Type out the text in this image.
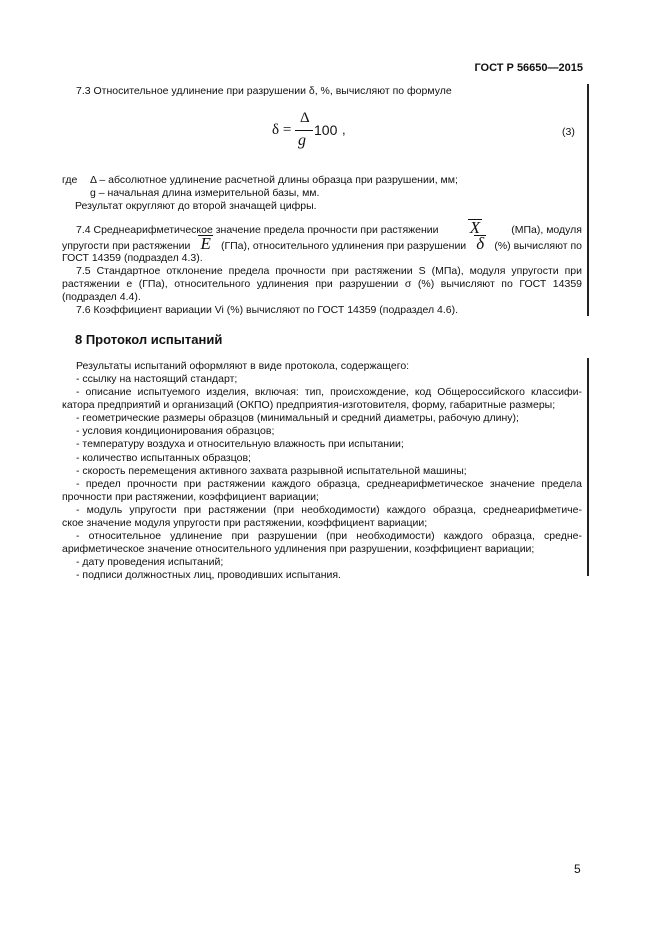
ГОСТ Р 56650—2015
7.3 Относительное удлинение при разрушении δ, %, вычисляют по формуле
δ =
Δ
g
100 ,	(3)
где Δ – абсолютное удлинение расчетной длины образца при разрушении, мм;
g – начальная длина измерительной базы, мм.
Результат округляют до второй значащей цифры.
7.4 Среднеарифметическое значение предела прочности при растяжении X	(МПа), модуля
упругости при растяжении E (ГПа), относительного удлинения при разрушении δ (%) вычисляют по
ГОСТ 14359 (подраздел 4.3).
7.5 Стандартное отклонение предела прочности при растяжении S (МПа), модуля упругости при
растяжении e (ГПа), относительного удлинения при разрушении σ (%) вычисляют по ГОСТ 14359
(подраздел 4.4).
7.6 Коэффициент вариации Vi (%) вычисляют по ГОСТ 14359 (подраздел 4.6).
8 Протокол испытаний
Результаты испытаний оформляют в виде протокола, содержащего:
- ссылку на настоящий стандарт;
- описание испытуемого изделия, включая: тип, происхождение, код Общероссийского классифи-
катора предприятий и организаций (ОКПО) предприятия-изготовителя, форму, габаритные размеры;
- геометрические размеры образцов (минимальный и средний диаметры, рабочую длину);
- условия кондиционирования образцов;
- температуру воздуха и относительную влажность при испытании;
- количество испытанных образцов;
- скорость перемещения активного захвата разрывной испытательной машины;
- предел прочности при растяжении каждого образца, среднеарифметическое значение предела
прочности при растяжении, коэффициент вариации;
- модуль упругости при растяжении (при необходимости) каждого образца, среднеарифметиче-
ское значение модуля упругости при растяжении, коэффициент вариации;
- относительное удлинение при разрушении (при необходимости) каждого образца, средне-
арифметическое значение относительного удлинения при разрушении, коэффициент вариации;
- дату проведения испытаний;
- подписи должностных лиц, проводивших испытания.
5
